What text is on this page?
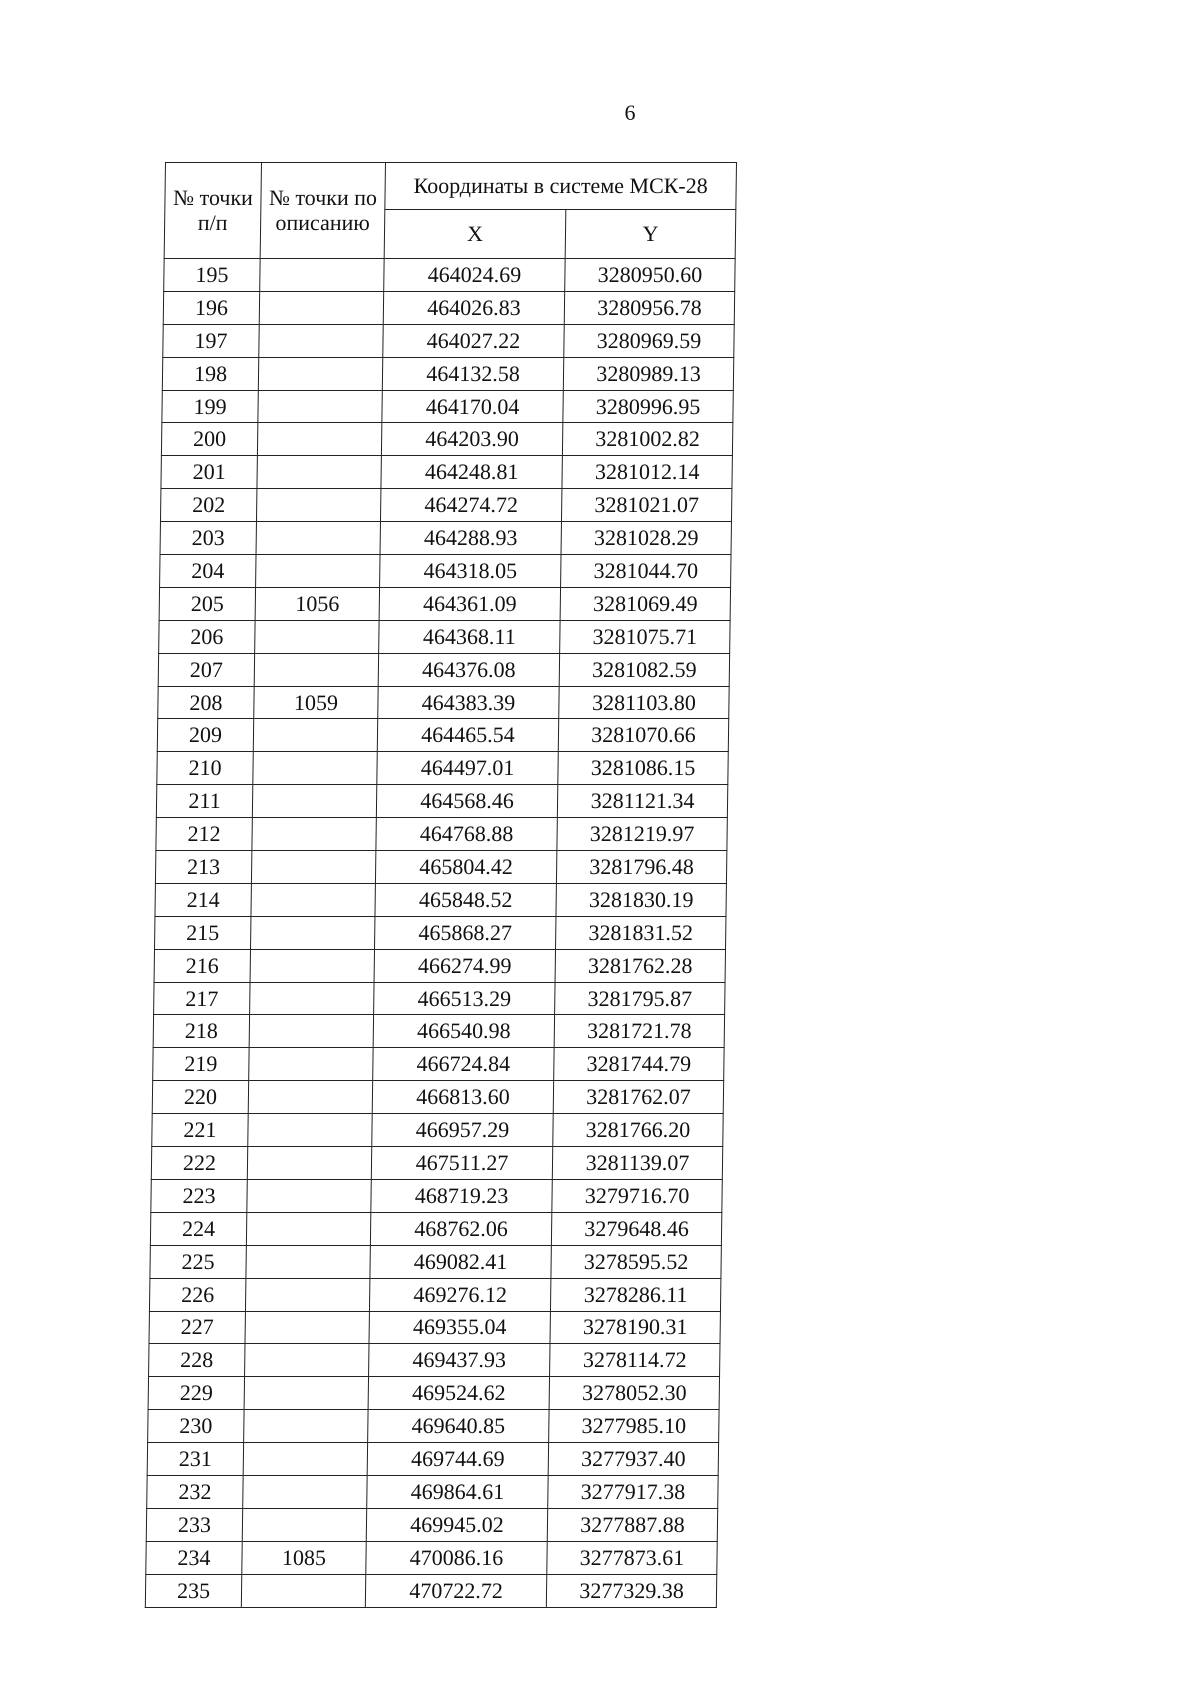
6
№ точки п/п	№ точки по описанию	Координаты в системе МСК-28	
		X	Y
195		464024.69	3280950.60
196		464026.83	3280956.78
197		464027.22	3280969.59
198		464132.58	3280989.13
199		464170.04	3280996.95
200		464203.90	3281002.82
201		464248.81	3281012.14
202		464274.72	3281021.07
203		464288.93	3281028.29
204		464318.05	3281044.70
205	1056	464361.09	3281069.49
206		464368.11	3281075.71
207		464376.08	3281082.59
208	1059	464383.39	3281103.80
209		464465.54	3281070.66
210		464497.01	3281086.15
211		464568.46	3281121.34
212		464768.88	3281219.97
213		465804.42	3281796.48
214		465848.52	3281830.19
215		465868.27	3281831.52
216		466274.99	3281762.28
217		466513.29	3281795.87
218		466540.98	3281721.78
219		466724.84	3281744.79
220		466813.60	3281762.07
221		466957.29	3281766.20
222		467511.27	3281139.07
223		468719.23	3279716.70
224		468762.06	3279648.46
225		469082.41	3278595.52
226		469276.12	3278286.11
227		469355.04	3278190.31
228		469437.93	3278114.72
229		469524.62	3278052.30
230		469640.85	3277985.10
231		469744.69	3277937.40
232		469864.61	3277917.38
233		469945.02	3277887.88
234	1085	470086.16	3277873.61
235		470722.72	3277329.38
